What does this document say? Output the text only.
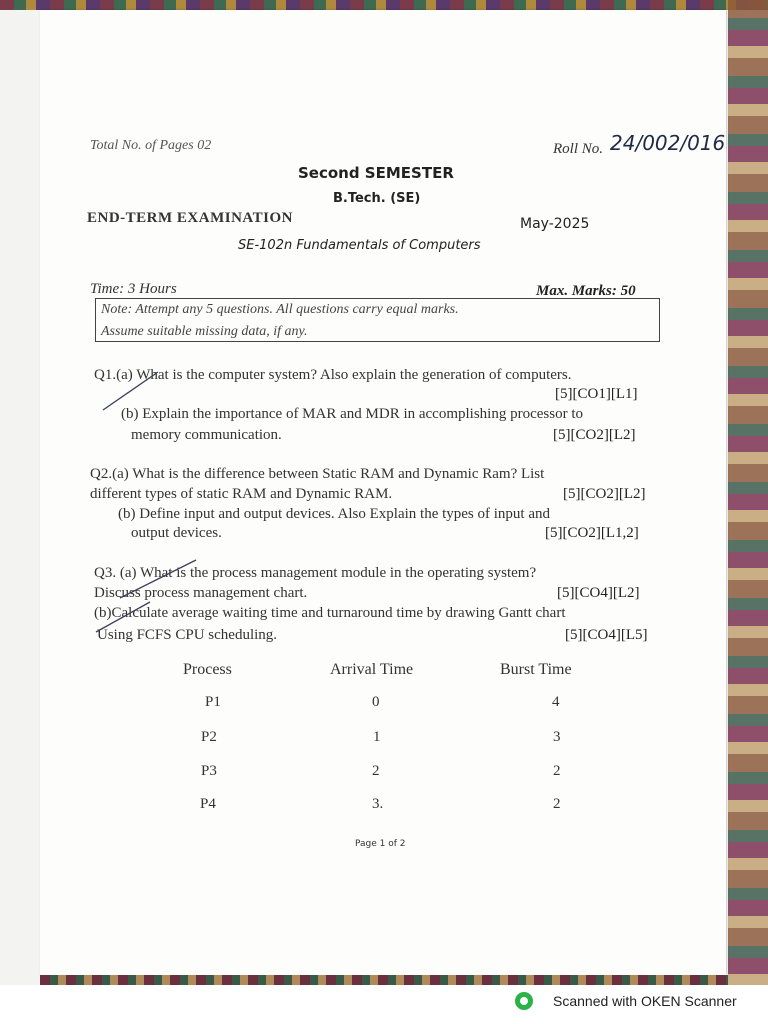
Total No. of Pages 02	Roll No. 24/002/016
Second SEMESTER
B.Tech. (SE)
END-TERM EXAMINATION	May-2025
SE-102n Fundamentals of Computers
Time: 3 Hours	Max. Marks: 50
Note: Attempt any 5 questions. All questions carry equal marks.
Assume suitable missing data, if any.
Q1.(a) What is the computer system? Also explain the generation of computers.
[5][CO1][L1]
(b) Explain the importance of MAR and MDR in accomplishing processor to
memory communication.	[5][CO2][L2]
Q2.(a) What is the difference between Static RAM and Dynamic Ram? List
different types of static RAM and Dynamic RAM.	[5][CO2][L2]
(b) Define input and output devices. Also Explain the types of input and
output devices.	[5][CO2][L1,2]
Q3. (a) What is the process management module in the operating system?
Discuss process management chart.	[5][CO4][L2]
(b)Calculate average waiting time and turnaround time by drawing Gantt chart
Using FCFS CPU scheduling.	[5][CO4][L5]
Process	Arrival Time	Burst Time
P1	0	4
P2	1	3
P3	2	2
P4	3.	2
Page 1 of 2
Scanned with OKEN Scanner
